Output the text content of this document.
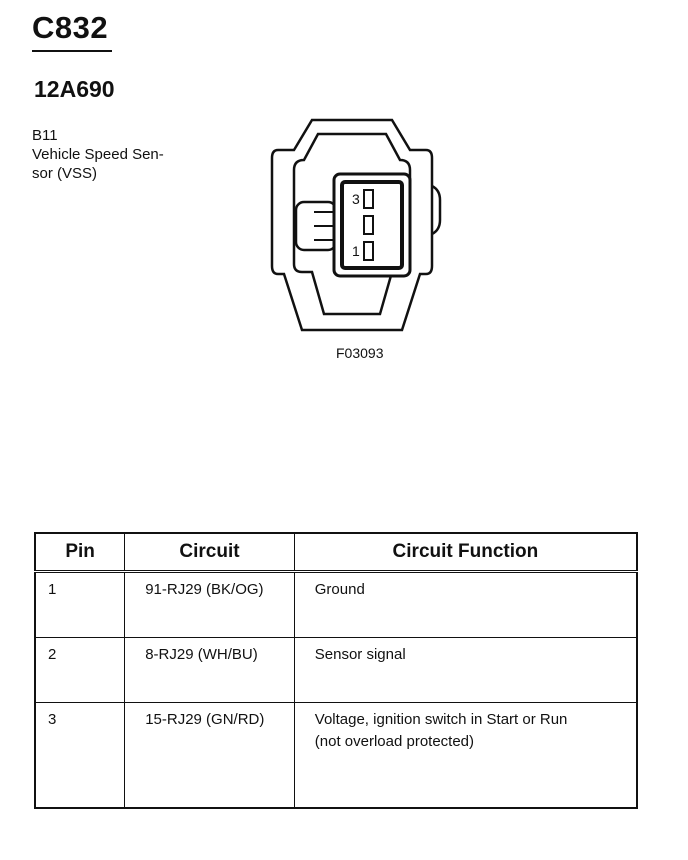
C832
12A690
B11
Vehicle Speed Sen-
sor (VSS)
3
1
F03093
Pin	Circuit	Circuit Function
1	91-RJ29 (BK/OG)	Ground

2	8-RJ29 (WH/BU)	Sensor signal

3	15-RJ29 (GN/RD)	Voltage, ignition switch in Start or Run
(not overload protected)
